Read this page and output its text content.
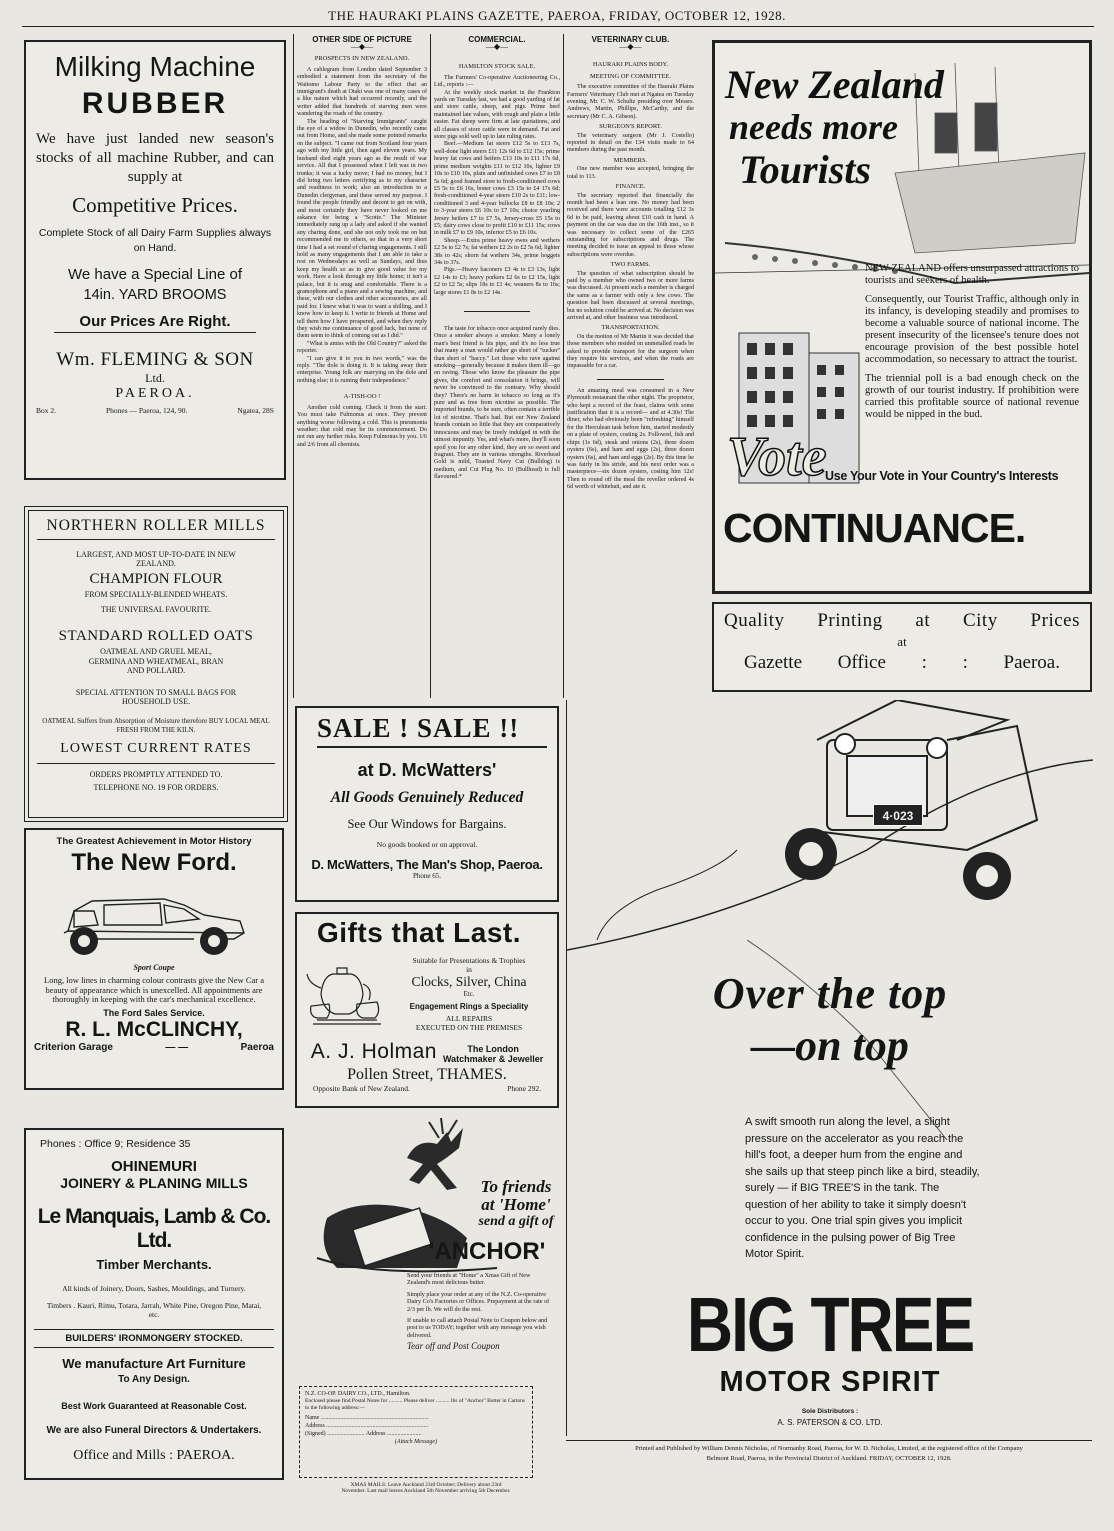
THE HAURAKI PLAINS GAZETTE, PAEROA, FRIDAY, OCTOBER 12, 1928.
Milking Machine
RUBBER
We have just landed new season's stocks of all machine Rubber, and can supply at
Competitive Prices.
Complete Stock of all Dairy Farm Supplies always on Hand.
We have a Special Line of
14in. YARD BROOMS
Our Prices Are Right.
Wm. FLEMING & SON
Ltd.
PAEROA.
Box 2.	Phones — Paeroa, 124, 90.	Ngatea, 28S
NORTHERN ROLLER MILLS
LARGEST, AND MOST UP-TO-DATE IN NEW ZEALAND.
CHAMPION FLOUR
FROM SPECIALLY-BLENDED WHEATS.
THE UNIVERSAL FAVOURITE.
STANDARD ROLLED OATS
OATMEAL AND GRUEL MEAL, GERMINA AND WHEATMEAL, BRAN AND POLLARD.
SPECIAL ATTENTION TO SMALL BAGS FOR HOUSEHOLD USE.
OATMEAL Suffers from Absorption of Moisture therefore BUY LOCAL MEAL FRESH FROM THE KILN.
LOWEST CURRENT RATES
ORDERS PROMPTLY ATTENDED TO.
TELEPHONE NO. 19 FOR ORDERS.
The Greatest Achievement in Motor History
The New Ford.
Sport Coupe
Long, low lines in charming colour contrasts give the New Car a beauty of appearance which is unexcelled. All appointments are thoroughly in keeping with the car's mechanical excellence.
The Ford Sales Service.
R. L. McCLINCHY,
Criterion Garage	— —	Paeroa
Phones : Office 9; Residence 35
OHINEMURI
JOINERY & PLANING MILLS
Le Manquais, Lamb & Co. Ltd.
Timber Merchants.
All kinds of Joinery, Doors, Sashes, Mouldings, and Turnery.
Timbers . Kauri, Rimu, Totara, Jarrah, White Pine, Oregon Pine, Matai, etc.
BUILDERS' IRONMONGERY STOCKED.
We manufacture Art Furniture
To Any Design.
Best Work Guaranteed at Reasonable Cost.
We are also Funeral Directors & Undertakers.
Office and Mills : PAEROA.
OTHER SIDE OF PICTURE
—◆—
PROSPECTS IN NEW ZEALAND.

A cablegram from London dated September 3 embodied a statement from the secretary of the Waitomo Labour Party to the effect that an immigrant's death at Otaki was one of many cases of a like nature which had occurred recently, and the writer added that hundreds of starving men were wandering the roads of the country.

The heading of "Starving Immigrants" caught the eye of a widow in Dunedin, who recently came out from Home, and she made some pointed remarks on the subject. "I came out from Scotland four years ago with my little girl, then aged eleven years. My husband died eight years ago as the result of war service. All that I possessed when I left was in two trunks; it was a lucky move; I had no money, but I did bring two letters certifying as to my character and readiness to work; also an introduction to a Dunedin clergyman, and these served my purpose. I found the people friendly and decent to get on with, and most certainly they have never looked on me askance for being a "Scotie." The Minister immediately rang up a lady and asked if she wanted any charing done, and she not only took me on but recommended me to others, so that in a very short time I had a set round of charing engagements. I still hold as many engagements that I am able to take a rest on Wednesdays as well as Sundays, and thus keep my health so as to give good value for my work. Have a look through my little home; it isn't a palace, but it is snug and comfortable. There is a gramophone and a piano and a sewing machine, and these, with our clothes and other accessories, are all paid for. I knew what it was to want a shilling, and I know how to keep it. I write to friends at Home and tell them how I have prospered, and when they reply they wish me continuance of good luck, but none of them seem to think of coming out as I did."

"What is amiss with the Old Country?" asked the reporter.

"I can give it to you in two words," was the reply. "The dole is doing it. It is taking away their enterprise. Young folk are marrying on the dole and nothing else; it is ruining their independence."

A-TISH-OO !

Another cold coming. Check it from the start. You must take Fulmonus at once. They prevent anything worse following a cold. This is pneumonia weather; that cold may be its commencement. Do not run any further risks. Keep Fulmonus by you. 1/6 and 2/6 from all chemists.

COMMERCIAL.
—◆—
HAMILTON STOCK SALE.

The Farmers' Co-operative Auctioneering Co., Ltd., reports :—

At the weekly stock market in the Frankton yards on Tuesday last, we had a good yarding of fat and store cattle, sheep, and pigs. Prime beef maintained late values, with rough and plain a little easier. Fat sheep were firm at late quotations, and all classes of store cattle were in demand. Fat and store pigs sold well up to late ruling rates.

Beef.—Medium fat steers £12 5s to £13 7s, well-done light steers £11 12s 6d to £12 15s; prime heavy fat cows and heifers £13 10s to £11 17s 6d, prime medium weights £11 to £12 10s, lighter £9 10s to £10 10s, plain and unfinished cows £7 to £8 5s 6d; good framed store to fresh-conditioned cows £5 5s to £6 16s, boner cows £3 15s to £4 17s 6d; fresh-conditioned 4-year steers £10 2s to £11; low-conditioned 3 and 4-year bullocks £8 to £8 10s; 2 to 3-year steers £6 10s to £7 10s; choice yearling Jersey heifers £7 to £7 5s, Jersey-cross £5 15s to £5; dairy cows close to profit £10 to £11 15s; cows in milk £7 to £9 10s, inferior £5 to £6 10s.

Sheep.—Extra prime heavy ewes and wethers £2 5s to £2 7s; fat wethers £2 2s to £2 5s 6d, lighter 38s to 42s; shorn fat wethers 34s, prime hoggets 34s to 37s.

Pigs.—Heavy baconers £3 4s to £3 13s, light £2 14s to £3; heavy porkers £2 6s to £2 15s, light £2 to £2 5s; slips 18s to £1 4s; weaners 8s to 16s; large stores £1 8s to £2 14s.

The taste for tobacco once acquired rarely dies. Once a smoker always a smoker. Many a lonely man's best friend is his pipe, and it's no less true that many a man would rather go short of "tucker" than short of "baccy." Let those who rave against smoking—generally because it makes them ill—go on raving. Those who know the pleasure the pipe gives, the comfort and consolation it brings, will never be convinced to the contrary. Why should they? There's no harm in tobacco so long as it's pure and as free from nicotine as possible. The imported brands, to be sure, often contain a terrible lot of nicotine. That's bad. But our New Zealand brands contain so little that they are comparatively innocuous and may be freely indulged in with the utmost impunity. Yes, and what's more, they'll soon spoil you for any other kind, they are so sweet and fragrant. They are in various strengths. Riverhead Gold is mild, Toasted Navy Cut (Bulldog) is medium, and Cut Plug No. 10 (Bullhead) is full flavoured.*

VETERINARY CLUB.
—◆—
HAURAKI PLAINS BODY.
MEETING OF COMMITTEE.

The executive committee of the Hauraki Plains Farmers' Veterinary Club met at Ngatea on Tuesday evening, Mr. C. W. Schultz presiding over Messrs. Andrews, Martin, Phillips, McCarthy, and the secretary (Mr C. A. Gibson).

SURGEON'S REPORT.

The veterinary surgeon (Mr J. Costello) reported in detail on the 134 visits made to 64 members during the past month.

MEMBERS.

One new member was accepted, bringing the total to 113.

FINANCE.

The secretary reported that financially the month had been a lean one. No money had been received and there were accounts totalling £12 3s 6d to be paid, leaving about £10 cash in hand. A payment on the car was due on the 16th inst., so it was necessary to collect some of the £265 outstanding for subscriptions and drugs. The meeting decided to issue an appeal to those whose subscriptions were overdue.

TWO FARMS.

The question of what subscription should be paid by a member who owned two or more farms was discussed. At present such a member is charged the same as a farmer with only a few cows. The question had been discussed at several meetings, but no solution could be arrived at. No decision was arrived at, and other business was introduced.

TRANSPORTATION.

On the motion of Mr Martin it was decided that those members who resided on unmetalled roads be asked to provide transport for the surgeon when they require his services, and when the roads are impassable for a car.

An amazing meal was consumed in a New Plymouth restaurant the other night. The proprietor, who kept a record of the feast, claims with some justification that it is a record— and at 4.30s! The diner, who had obviously been "refreshing" himself for the Herculean task before him, started modestly on a plate of oysters, costing 2s. Followed, fish and chips (1s 6d), steak and onions (2s), three dozen oysters (6s), and ham and eggs (2s), three dozen oysters (6s), and ham and eggs (2s). By this time he was fairly in his stride, and his next order was a masterpiece—six dozen oysters, costing him 12s! Then to round off the meal the reveller ordered 4s 6d worth of whitebait, and ate it.

SALE ! SALE !!
at D. McWatters'
All Goods Genuinely Reduced
See Our Windows for Bargains.
No goods booked or on approval.
D. McWatters, The Man's Shop, Paeroa.
Phone 65.
Gifts that Last.
Suitable for Presentations & Trophies
in
Clocks, Silver, China
Etc.
Engagement Rings a Speciality
ALL REPAIRS
EXECUTED ON THE PREMISES
A. J. Holman	The London
Watchmaker & Jeweller
Pollen Street, THAMES.
Opposite Bank of New Zealand.	Phone 292.
To friends
at 'Home'
send a gift of
'ANCHOR'

Send your friends at "Home" a Xmas Gift of New Zealand's most delicious butter.

Simply place your order at any of the N.Z. Co-operative Dairy Co's Factories or Offices. Prepayment at the rate of 2/3 per lb. We will do the rest.

If unable to call attach Postal Note to Coupon below and post to us TODAY; together with any message you wish delivered.

Tear off and Post Coupon

N.Z. CO-OP. DAIRY CO., LTD., Hamilton.
Enclosed please find Postal Notes for .......... Please deliver .......... lbs of "Anchor" Butter in Cartons to the following address:—
Name ........................................................................
Address ....................................................................
(Signed) ......................... Address .......................
(Attach Message)
XMAS MAILS: Leave Auckland 23rd October; Delivery about 23rd November. Last mail leaves Auckland 5th November arriving 5th December.
New Zealand
needs more
Tourists

NEW ZEALAND offers unsurpassed attractions to tourists and seekers of health.

Consequently, our Tourist Traffic, although only in its infancy, is developing steadily and promises to become a valuable source of national income. The present insecurity of the licensee's tenure does not encourage provision of the best possible hotel accommodation, so necessary to attract the tourist.

The triennial poll is a bad enough check on the growth of our tourist industry. If prohibition were carried this profitable source of national revenue would be nipped in the bud.

Vote
Use Your Vote in Your Country's Interests
CONTINUANCE.
Quality Printing at City Prices
at
Gazette Office : : Paeroa.
4·023
Over the top
—on top
A swift smooth run along the level, a slight pressure on the accelerator as you reach the hill's foot, a deeper hum from the engine and she sails up that steep pinch like a bird, steadily, surely — if BIG TREE'S in the tank. The question of her ability to take it simply doesn't occur to you. One trial spin gives you implicit confidence in the pulsing power of Big Tree Motor Spirit.
BIG TREE
MOTOR SPIRIT
Sole Distributors :
A. S. PATERSON & CO. LTD.
Printed and Published by William Dennis Nicholas, of Normanby Road, Paeroa, for W. D. Nicholas, Limited, at the registered office of the Company
Belmont Road, Paeroa, in the Provincial District of Auckland. FRIDAY, OCTOBER 12, 1928.
